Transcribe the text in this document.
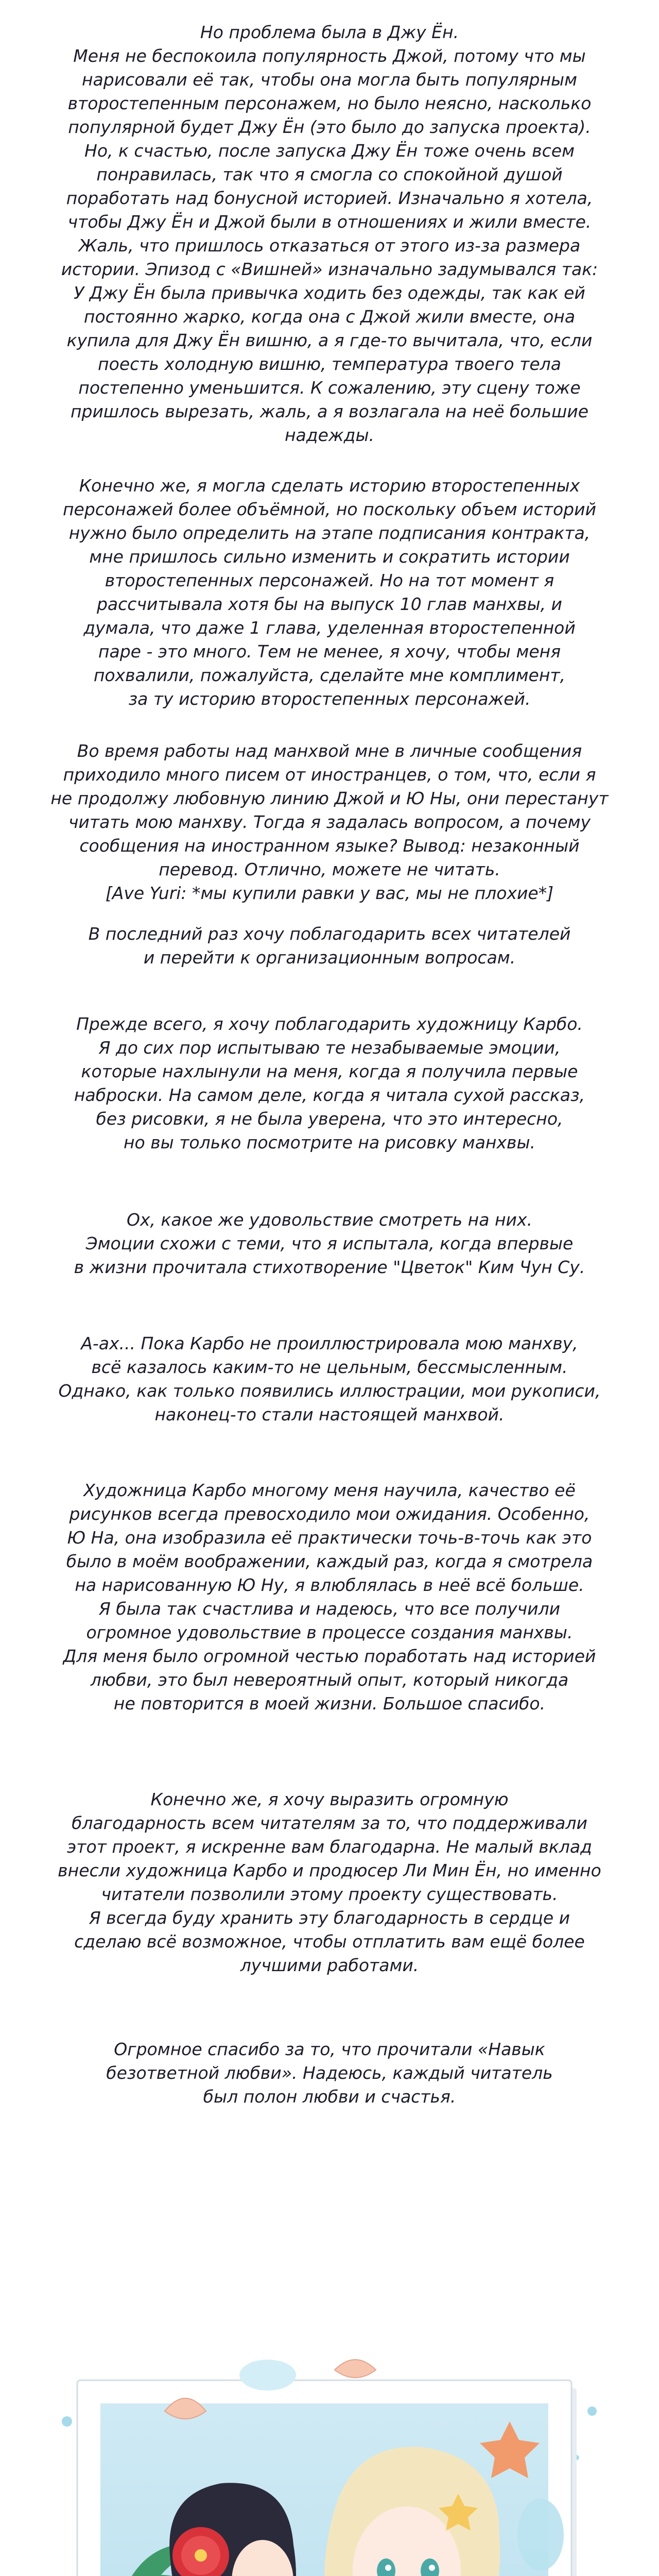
Но проблема была в Джу Ён.
Меня не беспокоила популярность Джой, потому что мы
нарисовали её так, чтобы она могла быть популярным
второстепенным персонажем, но было неясно, насколько
популярной будет Джу Ён (это было до запуска проекта).
Но, к счастью, после запуска Джу Ён тоже очень всем
понравилась, так что я смогла со спокойной душой
поработать над бонусной историей. Изначально я хотела,
чтобы Джу Ён и Джой были в отношениях и жили вместе.
Жаль, что пришлось отказаться от этого из-за размера
истории. Эпизод с «Вишней» изначально задумывался так:
У Джу Ён была привычка ходить без одежды, так как ей
постоянно жарко, когда она с Джой жили вместе, она
купила для Джу Ён вишню, а я где-то вычитала, что, если
поесть холодную вишню, температура твоего тела
постепенно уменьшится. К сожалению, эту сцену тоже
пришлось вырезать, жаль, а я возлагала на неё большие
надежды.

Конечно же, я могла сделать историю второстепенных
персонажей более объёмной, но поскольку объем историй
нужно было определить на этапе подписания контракта,
мне пришлось сильно изменить и сократить истории
второстепенных персонажей. Но на тот момент я
рассчитывала хотя бы на выпуск 10 глав манхвы, и
думала, что даже 1 глава, уделенная второстепенной
паре - это много. Тем не менее, я хочу, чтобы меня
похвалили, пожалуйста, сделайте мне комплимент,
за ту историю второстепенных персонажей.

Во время работы над манхвой мне в личные сообщения
приходило много писем от иностранцев, о том, что, если я
не продолжу любовную линию Джой и Ю Ны, они перестанут
читать мою манхву. Тогда я задалась вопросом, а почему
сообщения на иностранном языке? Вывод: незаконный
перевод. Отлично, можете не читать.
[Ave Yuri: *мы купили равки у вас, мы не плохие*]

В последний раз хочу поблагодарить всех читателей
и перейти к организационным вопросам.

Прежде всего, я хочу поблагодарить художницу Карбо.
Я до сих пор испытываю те незабываемые эмоции,
которые нахлынули на меня, когда я получила первые
наброски. На самом деле, когда я читала сухой рассказ,
без рисовки, я не была уверена, что это интересно,
но вы только посмотрите на рисовку манхвы.

Ох, какое же удовольствие смотреть на них.
Эмоции схожи с теми, что я испытала, когда впервые
в жизни прочитала стихотворение "Цветок" Ким Чун Су.

А-ах... Пока Карбо не проиллюстрировала мою манхву,
всё казалось каким-то не цельным, бессмысленным.
Однако, как только появились иллюстрации, мои рукописи,
наконец-то стали настоящей манхвой.

Художница Карбо многому меня научила, качество её
рисунков всегда превосходило мои ожидания. Особенно,
Ю На, она изобразила её практически точь-в-точь как это
было в моём воображении, каждый раз, когда я смотрела
на нарисованную Ю Ну, я влюблялась в неё всё больше.
Я была так счастлива и надеюсь, что все получили
огромное удовольствие в процессе создания манхвы.
Для меня было огромной честью поработать над историей
любви, это был невероятный опыт, который никогда
не повторится в моей жизни. Большое спасибо.

Конечно же, я хочу выразить огромную
благодарность всем читателям за то, что поддерживали
этот проект, я искренне вам благодарна. Не малый вклад
внесли художница Карбо и продюсер Ли Мин Ён, но именно
читатели позволили этому проекту существовать.
Я всегда буду хранить эту благодарность в сердце и
сделаю всё возможное, чтобы отплатить вам ещё более
лучшими работами.

Огромное спасибо за то, что прочитали «Навык
безответной любви». Надеюсь, каждый читатель
был полон любви и счастья.
